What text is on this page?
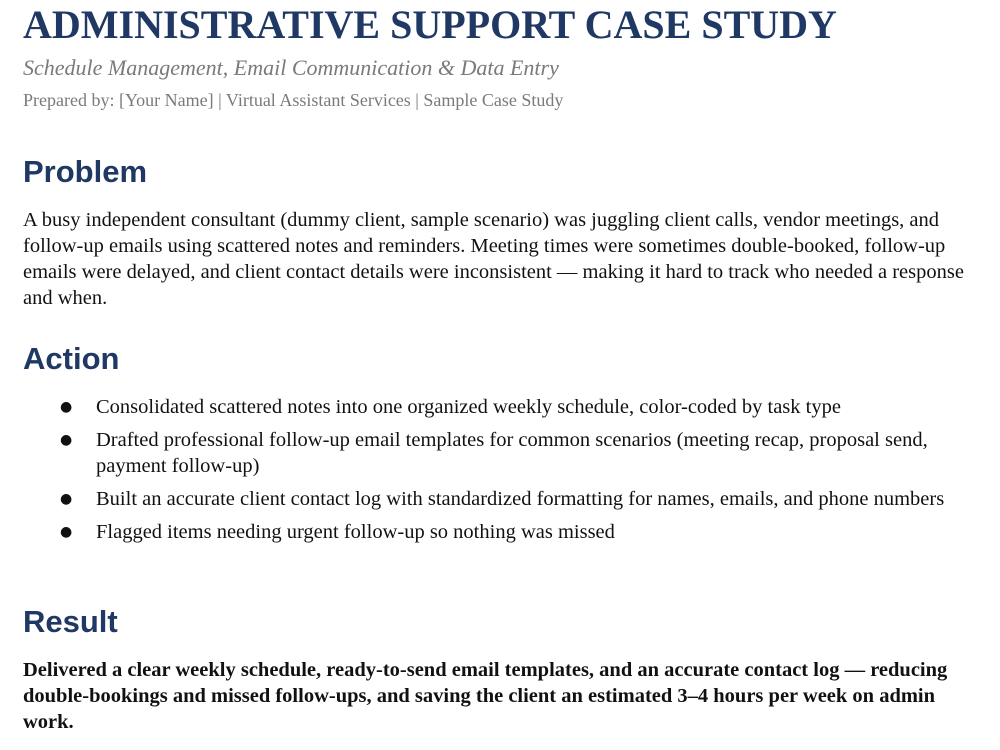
ADMINISTRATIVE SUPPORT CASE STUDY

Schedule Management, Email Communication & Data Entry

Prepared by: [Your Name] | Virtual Assistant Services | Sample Case Study

Problem

A busy independent consultant (dummy client, sample scenario) was juggling client calls, vendor meetings, and follow-up emails using scattered notes and reminders. Meeting times were sometimes double-booked, follow-up emails were delayed, and client contact details were inconsistent — making it hard to track who needed a response and when.

Action
● Consolidated scattered notes into one organized weekly schedule, color-coded by task type
● Drafted professional follow-up email templates for common scenarios (meeting recap, proposal send, payment follow-up)
● Built an accurate client contact log with standardized formatting for names, emails, and phone numbers
● Flagged items needing urgent follow-up so nothing was missed
Result

Delivered a clear weekly schedule, ready-to-send email templates, and an accurate contact log — reducing double-bookings and missed follow-ups, and saving the client an estimated 3–4 hours per week on admin work.
